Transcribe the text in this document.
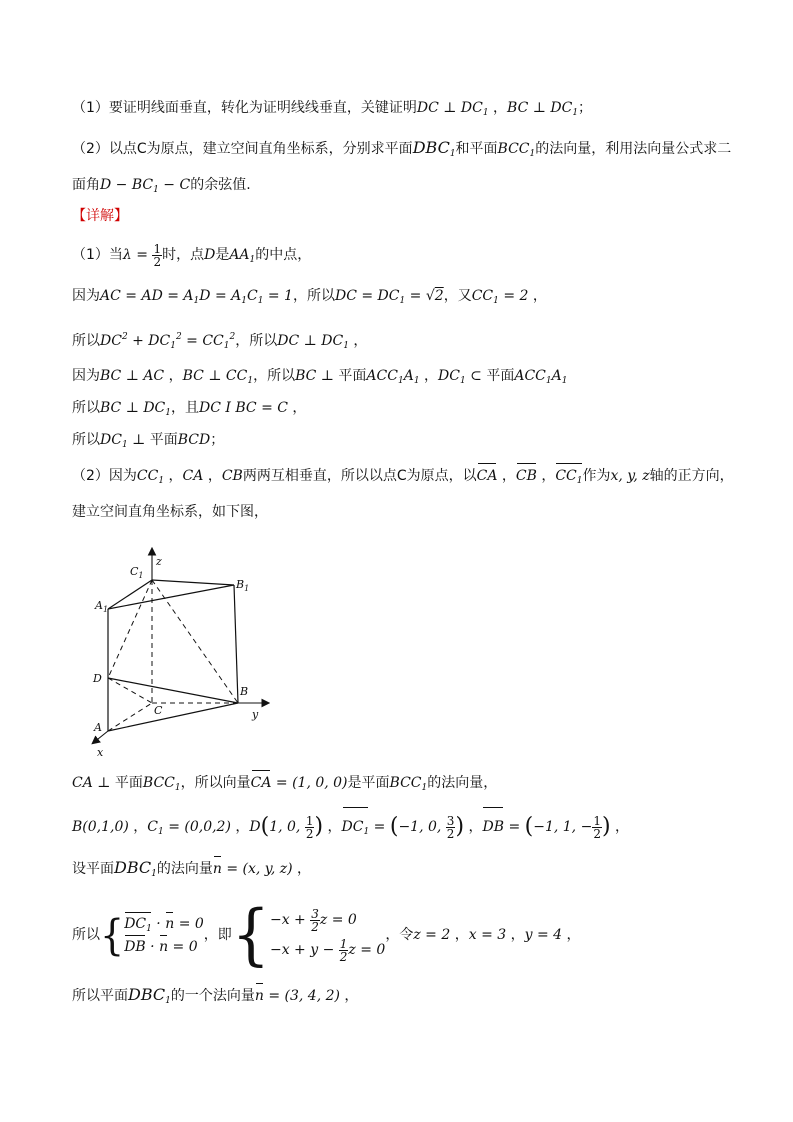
（1）要证明线面垂直，转化为证明线线垂直，关键证明DC ⊥ $DC_1$ ，BC ⊥ $DC_1$；
（2）以点C为原点，建立空间直角坐标系，分别求平面$DBC_1$和平面$BCC_1$的法向量，利用法向量公式求二
面角$D - BC_1 - C$的余弦值.
【详解】
（1）当$\lambda = \frac{1}{2}$ 时，点D是$AA_1$的中点，
因为AC = AD = $A_1D = A_1C_1 = 1$，所以DC = $DC_1 = √2$，又$CC_1 = 2$ ，
所以$DC^2 + DC_1^2 = CC_1^2$，所以DC ⊥ $DC_1$ ，
因为BC ⊥ AC ，BC ⊥ $CC_1$，所以BC ⊥ 平面$ACC_1A_1$ ，$DC_1$ ⊂ 平面$ACC_1A_1$
所以BC ⊥ $DC_1$，且DC I BC = C ，
所以$DC_1$ ⊥ 平面BCD；
（2）因为$CC_1$ ，CA ，CB两两互相垂直，所以以点C为原点，以CA ，CB ，$CC_1$作为x, y, z轴的正方向，
建立空间直角坐标系，如下图，
$C_1$
z
$B_1$
$A_1$
D
B
C	y
A
x
CA ⊥ 平面$BCC_1$，所以向量CA = (1, 0, 0)是平面$BCC_1$的法向量，
B(0,1,0) ，$C_1 = (0,0,2)$ ，D(1, 0, $\frac{1}{2}$ ) ，$DC_1 = (-1$, 0, $\frac{3}{2}$ ) ，DB = (−1, 1, − $\frac{1}{2}$ ) ，
设平面$DBC_1$的法向量n = (x, y, z) ，
所以{ $DC_1 \cdot n = 0$
DB · n = 0
，即{ $-x + \frac{3}{2}$ z = 0
$-x + y - \frac{1}{2}$ z = 0
，令z = 2 ，x = 3 ，y = 4 ，
所以平面$DBC_1$的一个法向量n = (3, 4, 2) ，
